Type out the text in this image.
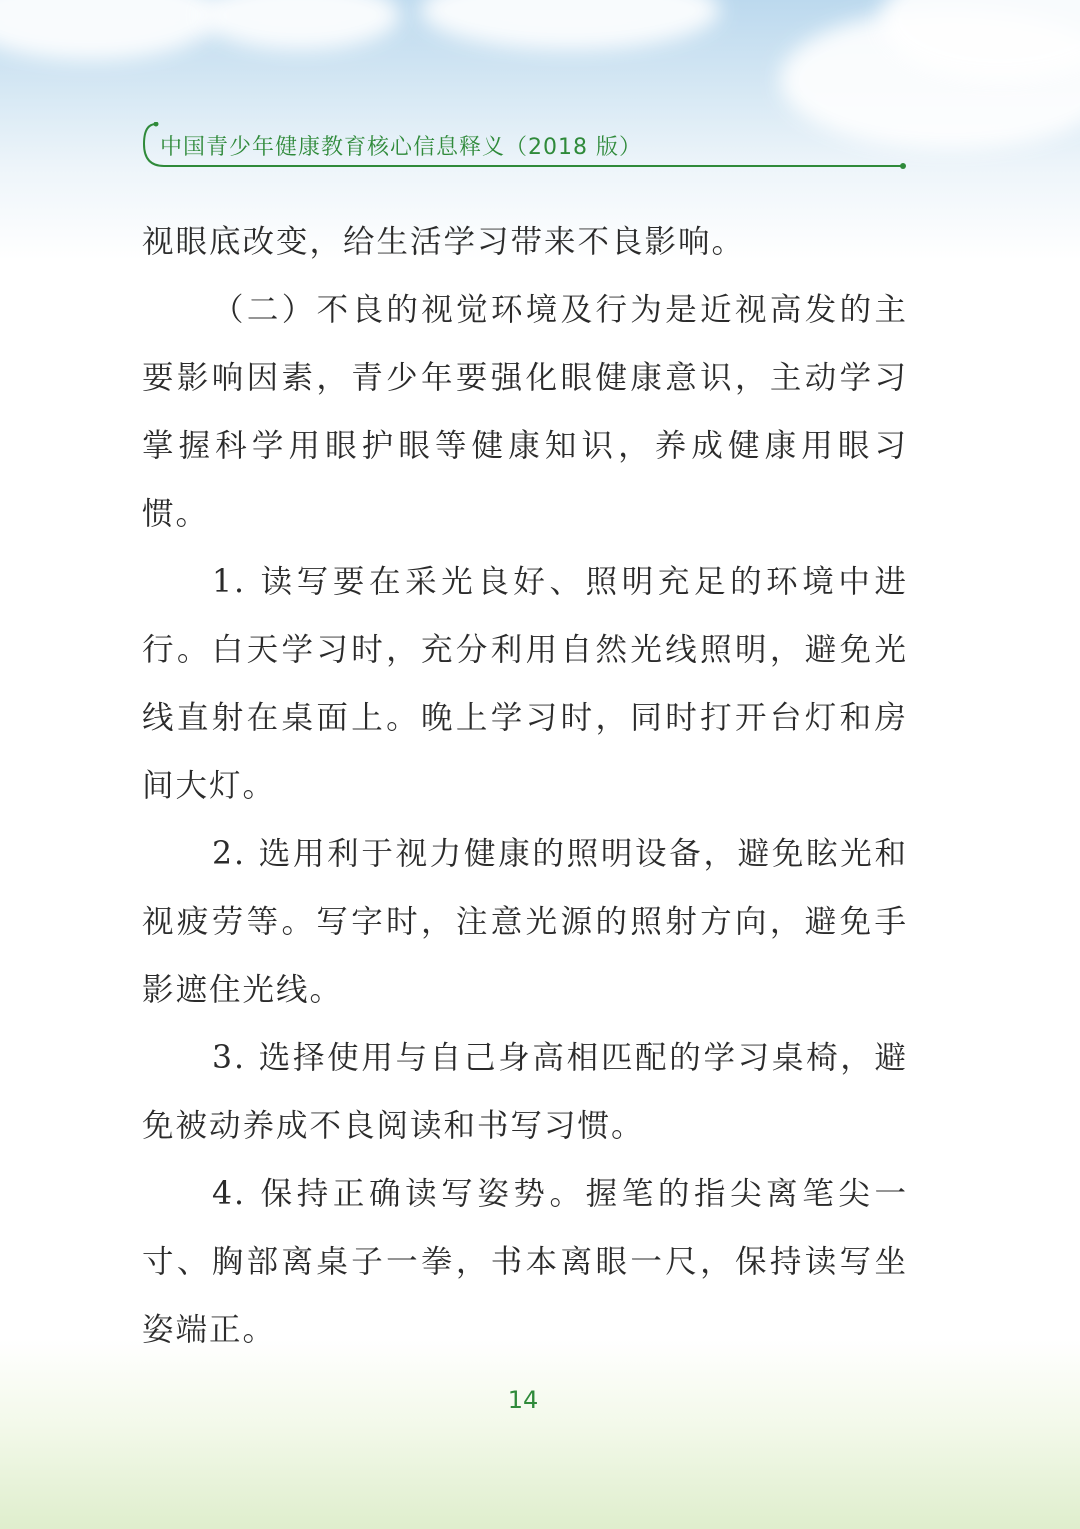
中国青少年健康教育核心信息释义（2018 版）

视眼底改变，给生活学习带来不良影响。

（二）不良的视觉环境及行为是近视高发的主要影响因素，青少年要强化眼健康意识，主动学习掌握科学用眼护眼等健康知识，养成健康用眼习惯。

1. 读写要在采光良好、照明充足的环境中进行。白天学习时，充分利用自然光线照明，避免光线直射在桌面上。晚上学习时，同时打开台灯和房间大灯。

2. 选用利于视力健康的照明设备，避免眩光和视疲劳等。写字时，注意光源的照射方向，避免手影遮住光线。

3. 选择使用与自己身高相匹配的学习桌椅，避免被动养成不良阅读和书写习惯。

4. 保持正确读写姿势。握笔的指尖离笔尖一寸、胸部离桌子一拳，书本离眼一尺，保持读写坐姿端正。

14
